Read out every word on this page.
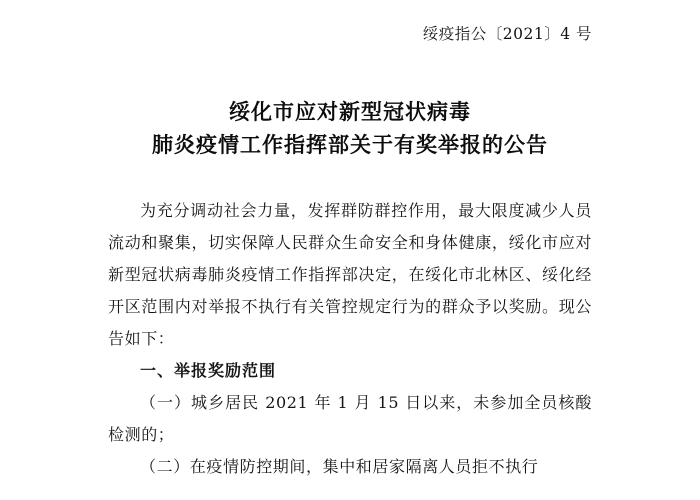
绥疫指公〔2021〕4 号
绥化市应对新型冠状病毒
肺炎疫情工作指挥部关于有奖举报的公告

为充分调动社会力量，发挥群防群控作用，最大限度减少人员流动和聚集，切实保障人民群众生命安全和身体健康，绥化市应对新型冠状病毒肺炎疫情工作指挥部决定，在绥化市北林区、绥化经开区范围内对举报不执行有关管控规定行为的群众予以奖励。现公告如下：

一、举报奖励范围

（一）城乡居民 2021 年 1 月 15 日以来，未参加全员核酸检测的；

（二）在疫情防控期间，集中和居家隔离人员拒不执行
